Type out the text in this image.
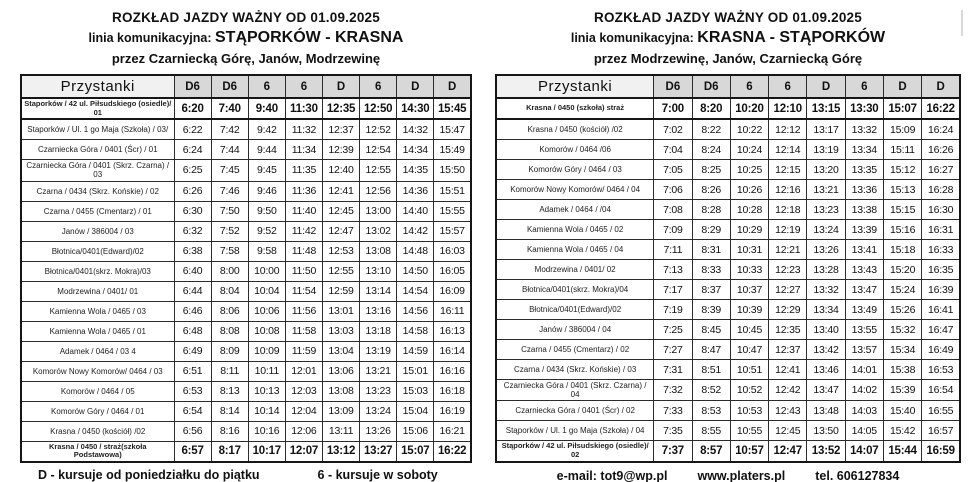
ROZKŁAD JAZDY WAŻNY OD 01.09.2025
linia komunikacyjna: STĄPORKÓW - KRASNA
przez Czarniecką Górę, Janów, Modrzewinę
Przystanki	D6	D6	6	6	D	6	D	D
Staporków / 42 ul. Piłsudskiego (osiedle)/ 01	6:20	7:40	9:40	11:30	12:35	12:50	14:30	15:45
Staporków / Ul. 1 go Maja (Szkoła) / 03/	6:22	7:42	9:42	11:32	12:37	12:52	14:32	15:47
Czarniecka Góra / 0401 (Ścr) / 01	6:24	7:44	9:44	11:34	12:39	12:54	14:34	15:49
Czarniecka Góra / 0401 (Skrz. Czarna) / 03	6:25	7:45	9:45	11:35	12:40	12:55	14:35	15:50
Czarna / 0434 (Skrz. Końskie) / 02	6:26	7:46	9:46	11:36	12:41	12:56	14:36	15:51
Czarna / 0455 (Cmentarz) / 01	6:30	7:50	9:50	11:40	12:45	13:00	14:40	15:55
Janów / 386004 / 03	6:32	7:52	9:52	11:42	12:47	13:02	14:42	15:57
Błotnica/0401(Edward)/02	6:38	7:58	9:58	11:48	12:53	13:08	14:48	16:03
Błotnica/0401(skrz. Mokra)/03	6:40	8:00	10:00	11:50	12:55	13:10	14:50	16:05
Modrzewina / 0401/ 01	6:44	8:04	10:04	11:54	12:59	13:14	14:54	16:09
Kamienna Wola / 0465 / 03	6:46	8:06	10:06	11:56	13:01	13:16	14:56	16:11
Kamienna Wola / 0465 / 01	6:48	8:08	10:08	11:58	13:03	13:18	14:58	16:13
Adamek / 0464 / 03 4	6:49	8:09	10:09	11:59	13:04	13:19	14:59	16:14
Komorów Nowy Komorów/ 0464 / 03	6:51	8:11	10:11	12:01	13:06	13:21	15:01	16:16
Komorów / 0464 / 05	6:53	8:13	10:13	12:03	13:08	13:23	15:03	16:18
Komorów Góry / 0464 / 01	6:54	8:14	10:14	12:04	13:09	13:24	15:04	16:19
Krasna / 0450 (kościół) /02	6:56	8:16	10:16	12:06	13:11	13:26	15:06	16:21
Krasna / 0450 / straż(szkoła Podstawowa)	6:57	8:17	10:17	12:07	13:12	13:27	15:07	16:22
D - kursuje od poniedziałku do piątku	6 - kursuje w soboty
ROZKŁAD JAZDY WAŻNY OD 01.09.2025
linia komunikacyjna: KRASNA - STĄPORKÓW
przez Modrzewinę, Janów, Czarniecką Górę
Przystanki	D6	D6	6	6	D	6	D	D
Krasna / 0450 (szkoła) straż	7:00	8:20	10:20	12:10	13:15	13:30	15:07	16:22
Krasna / 0450 (kościół) /02	7:02	8:22	10:22	12:12	13:17	13:32	15:09	16:24
Komorów / 0464 /06	7:04	8:24	10:24	12:14	13:19	13:34	15:11	16:26
Komorów Góry / 0464 / 03	7:05	8:25	10:25	12:15	13:20	13:35	15:12	16:27
Komorów Nowy Komorów/ 0464 / 04	7:06	8:26	10:26	12:16	13:21	13:36	15:13	16:28
Adamek / 0464 / /04	7:08	8:28	10:28	12:18	13:23	13:38	15:15	16:30
Kamienna Wola / 0465 / 02	7:09	8:29	10:29	12:19	13:24	13:39	15:16	16:31
Kamienna Wola / 0465 / 04	7:11	8:31	10:31	12:21	13:26	13:41	15:18	16:33
Modrzewina / 0401/ 02	7:13	8:33	10:33	12:23	13:28	13:43	15:20	16:35
Błotnica/0401(skrz. Mokra)/04	7:17	8:37	10:37	12:27	13:32	13:47	15:24	16:39
Błotnica/0401(Edward)/02	7:19	8:39	10:39	12:29	13:34	13:49	15:26	16:41
Janów / 386004 / 04	7:25	8:45	10:45	12:35	13:40	13:55	15:32	16:47
Czarna / 0455 (Cmentarz) / 02	7:27	8:47	10:47	12:37	13:42	13:57	15:34	16:49
Czarna / 0434 (Skrz. Końskie) / 03	7:31	8:51	10:51	12:41	13:46	14:01	15:38	16:53
Czarniecka Góra / 0401 (Skrz. Czarna) / 04	7:32	8:52	10:52	12:42	13:47	14:02	15:39	16:54
Czarniecka Góra / 0401 (Ścr) / 02	7:33	8:53	10:53	12:43	13:48	14:03	15:40	16:55
Stąporków / Ul. 1 go Maja (Szkoła) / 04	7:35	8:55	10:55	12:45	13:50	14:05	15:42	16:57
Stąporków / 42 ul. Piłsudskiego (osiedle)/ 02	7:37	8:57	10:57	12:47	13:52	14:07	15:44	16:59
e-mail: tot9@wp.pl www.platers.pl tel. 606127834
